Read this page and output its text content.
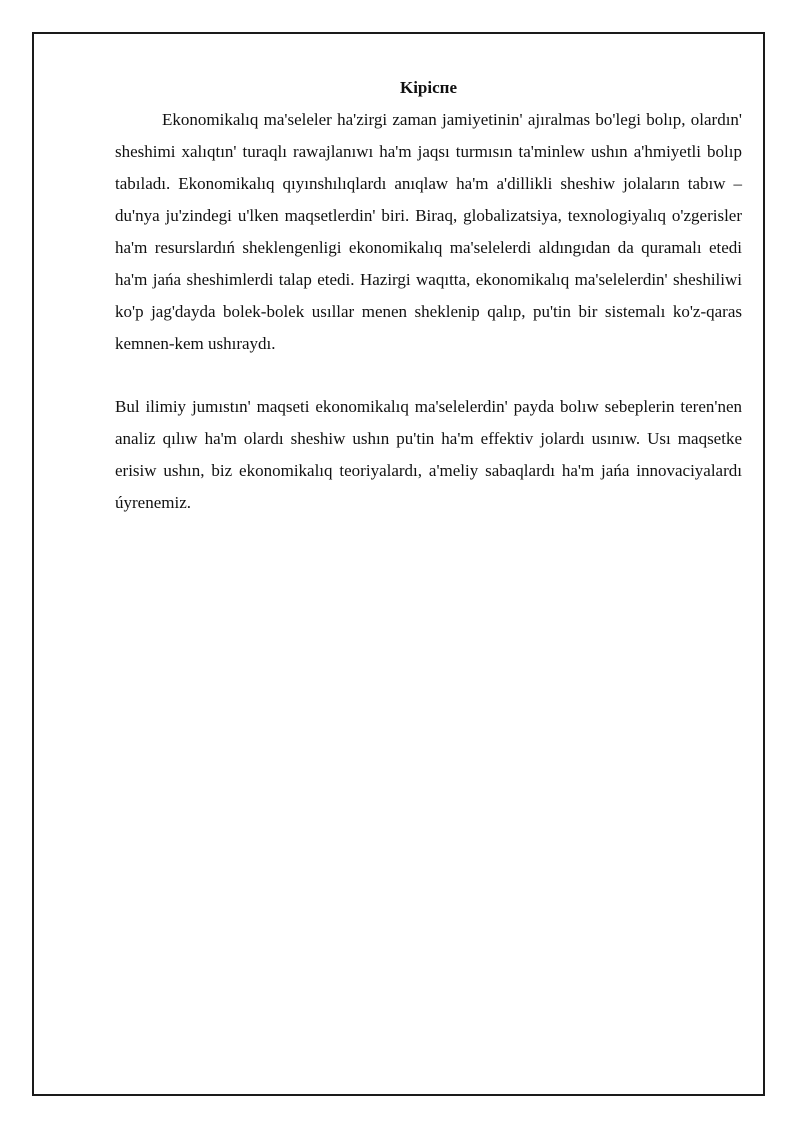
Kipicпe

Ekonomikalıq ma'seleler ha'zirgi zaman jamiyetinin' ajıralmas bo'legi bolıp, olardın' sheshimi xalıqtın' turaqlı rawajlanıwı ha'm jaqsı turmısın ta'minlew ushın a'hmiyetli bolıp tabıladı. Ekonomikalıq qıyınshılıqlardı anıqlaw ha'm a'dillikli sheshiw jolaların tabıw – du'nya ju'zindegi u'lken maqsetlerdin' biri. Biraq, globalizatsiya, texnologiyalıq o'zgerisler ha'm resurslardıń sheklengenligi ekonomikalıq ma'selelerdi aldıngıdan da quramalı etedi ha'm jańa sheshimlerdi talap etedi. Hazirgi waqıtta, ekonomikalıq ma'selelerdin' sheshiliwi ko'p jag'dayda bolek-bolek usıllar menen sheklenip qalıp, pu'tin bir sistemalı ko'z-qaras kemnen-kem ushıraydı.

Bul ilimiy jumıstın' maqseti ekonomikalıq ma'selelerdin' payda bolıw sebeplerin teren'nen analiz qılıw ha'm olardı sheshiw ushın pu'tin ha'm effektiv jolardı usınıw. Usı maqsetke erisiw ushın, biz ekonomikalıq teoriyalardı, a'meliy sabaqlardı ha'm jańa innovaciyalardı úyrenemiz.
